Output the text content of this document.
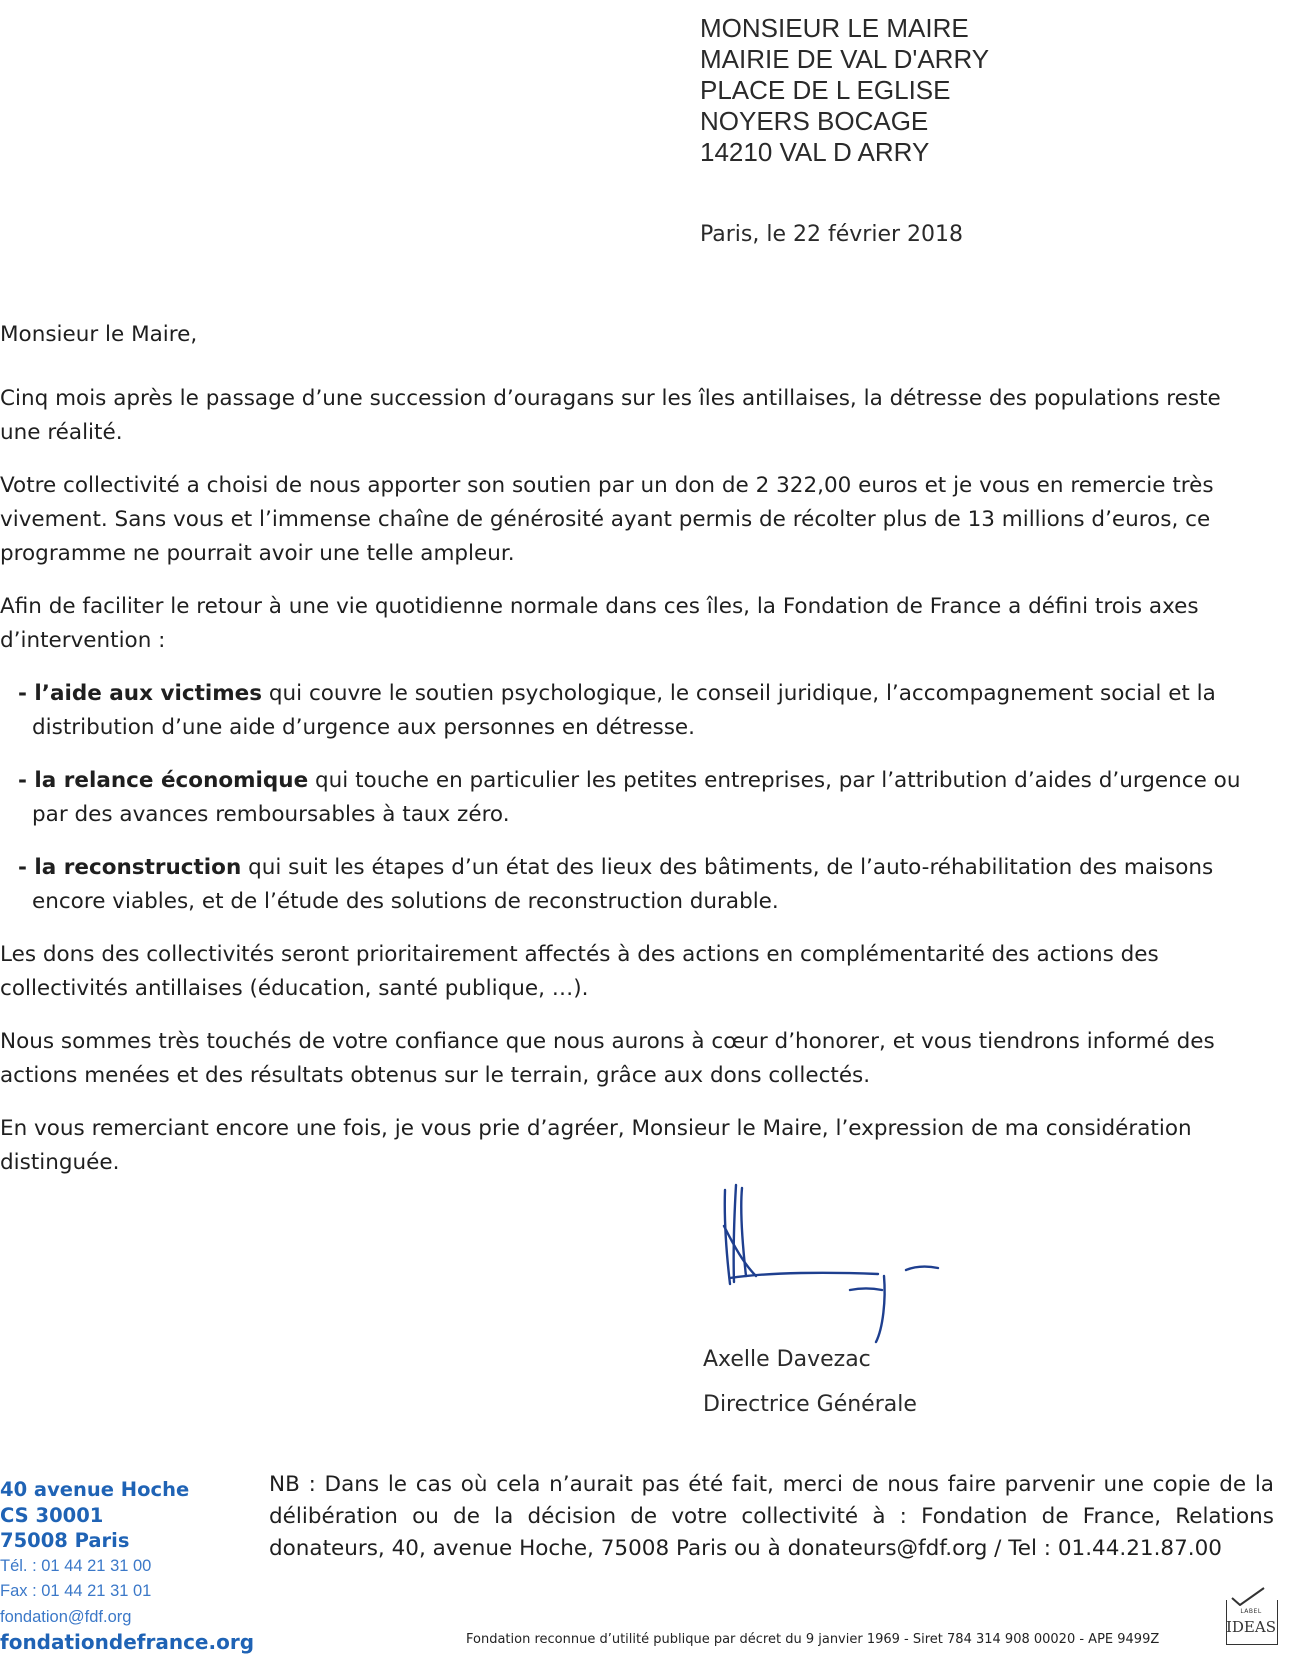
MONSIEUR LE MAIRE
MAIRIE DE VAL D'ARRY
PLACE DE L EGLISE
NOYERS BOCAGE
14210 VAL D ARRY
Paris, le 22 février 2018

Monsieur le Maire,

Cinq mois après le passage d’une succession d’ouragans sur les îles antillaises, la détresse des populations reste une réalité.

Votre collectivité a choisi de nous apporter son soutien par un don de 2 322,00 euros et je vous en remercie très vivement. Sans vous et l’immense chaîne de générosité ayant permis de récolter plus de 13 millions d’euros, ce programme ne pourrait avoir une telle ampleur.

Afin de faciliter le retour à une vie quotidienne normale dans ces îles, la Fondation de France a défini trois axes d’intervention :

- l’aide aux victimes qui couvre le soutien psychologique, le conseil juridique, l’accompagnement social et la distribution d’une aide d’urgence aux personnes en détresse.

- la relance économique qui touche en particulier les petites entreprises, par l’attribution d’aides d’urgence ou par des avances remboursables à taux zéro.

- la reconstruction qui suit les étapes d’un état des lieux des bâtiments, de l’auto-réhabilitation des maisons encore viables, et de l’étude des solutions de reconstruction durable.

Les dons des collectivités seront prioritairement affectés à des actions en complémentarité des actions des collectivités antillaises (éducation, santé publique, …).

Nous sommes très touchés de votre confiance que nous aurons à cœur d’honorer, et vous tiendrons informé des actions menées et des résultats obtenus sur le terrain, grâce aux dons collectés.

En vous remerciant encore une fois, je vous prie d’agréer, Monsieur le Maire, l’expression de ma considération distinguée.

Axelle Davezac
Directrice Générale
40 avenue Hoche
CS 30001
75008 Paris
Tél. : 01 44 21 31 00
Fax : 01 44 21 31 01
fondation@fdf.org
fondationdefrance.org
NB : Dans le cas où cela n’aurait pas été fait, merci de nous faire parvenir une copie de la délibération ou de la décision de votre collectivité à : Fondation de France, Relations donateurs, 40, avenue Hoche, 75008 Paris ou à donateurs@fdf.org / Tel : 01.44.21.87.00
Fondation reconnue d’utilité publique par décret du 9 janvier 1969 - Siret 784 314 908 00020 - APE 9499Z
LABEL
IDEAS
